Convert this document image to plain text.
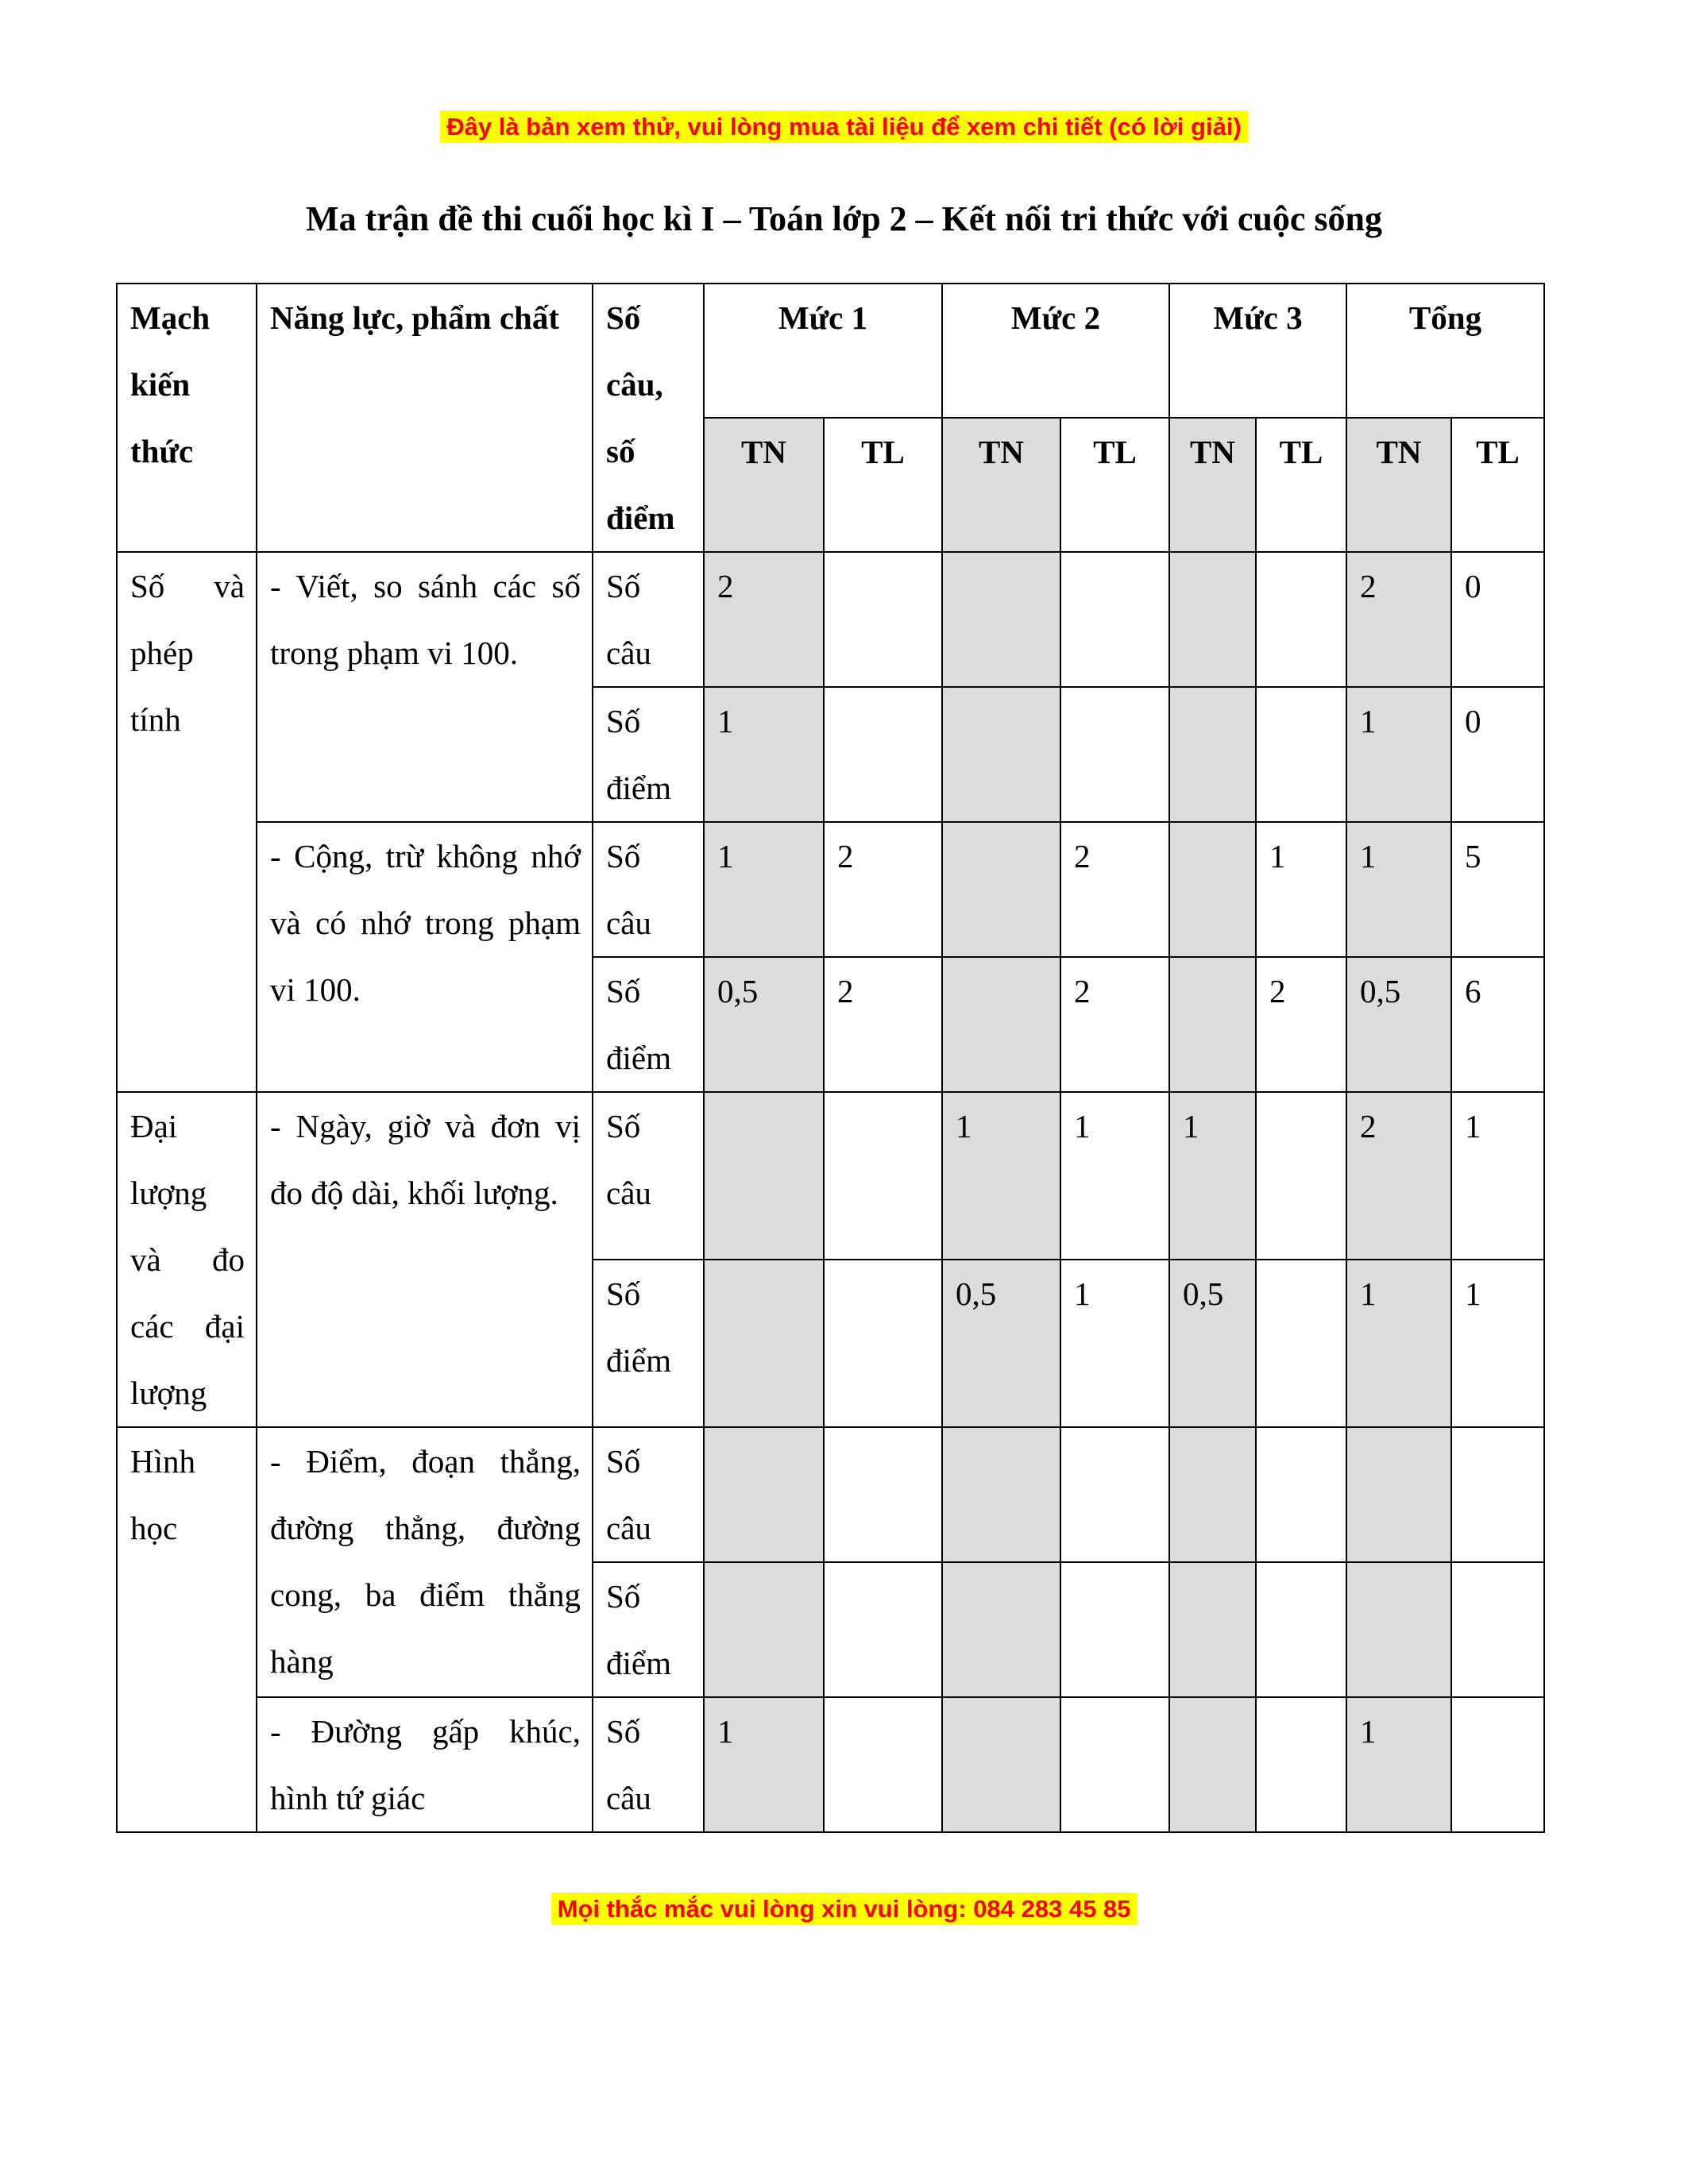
Đây là bản xem thử, vui lòng mua tài liệu để xem chi tiết (có lời giải)
Ma trận đề thi cuối học kì I – Toán lớp 2 – Kết nối tri thức với cuộc sống
Mạch kiến thức	Năng lực, phẩm chất	Số câu, số điểm	Mức 1		Mức 2		Mức 3		Tổng	
			TN	TL	TN	TL	TN	TL	TN	TL
Số và phép tính	- Viết, so sánh các số trong phạm vi 100.	Số câu	2						2	0
		Số điểm	1						1	0
	- Cộng, trừ không nhớ và có nhớ trong phạm vi 100.	Số câu	1	2		2		1	1	5
		Số điểm	0,5	2		2		2	0,5	6
Đại lượng và đo các đại lượng	- Ngày, giờ và đơn vị đo độ dài, khối lượng.	Số câu			1	1	1		2	1
		Số điểm			0,5	1	0,5		1	1
Hình học	- Điểm, đoạn thẳng, đường thẳng, đường cong, ba điểm thẳng hàng	Số câu								
		Số điểm								
	- Đường gấp khúc, hình tứ giác	Số câu	1						1	
Mọi thắc mắc vui lòng xin vui lòng: 084 283 45 85
